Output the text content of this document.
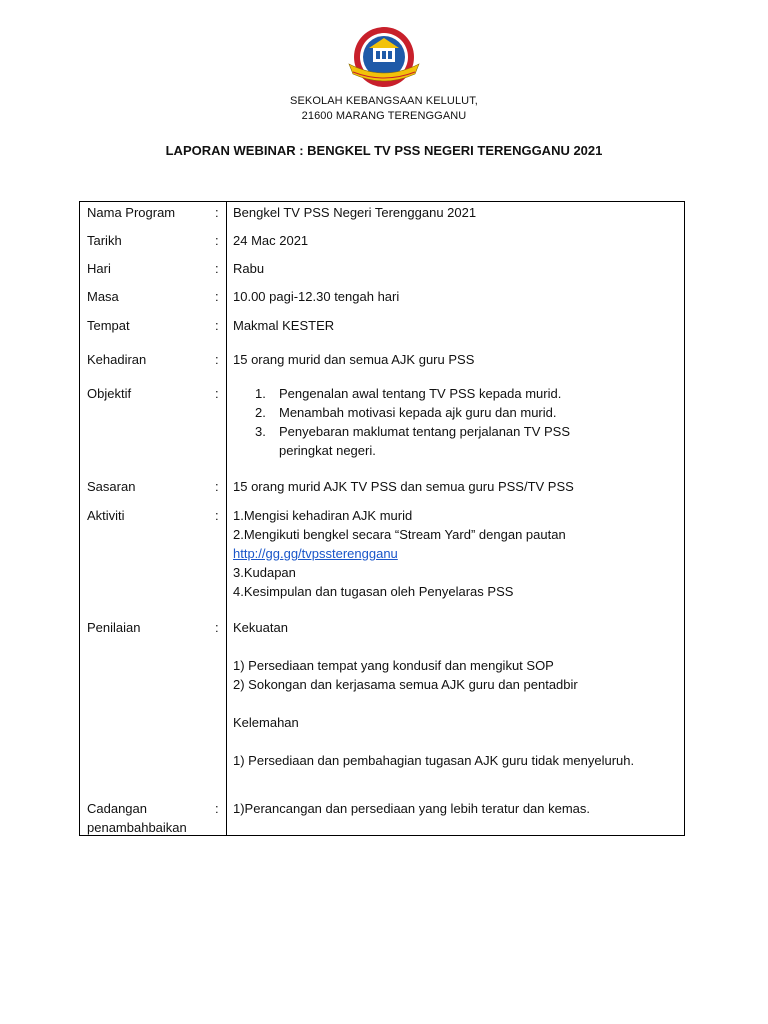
SEKOLAH KEBANGSAAN KELULUT,
21600 MARANG TERENGGANU
LAPORAN WEBINAR : BENGKEL TV PSS NEGERI TERENGGANU 2021
Nama Program	: Bengkel TV PSS Negeri Terengganu 2021
Tarikh	: 24 Mac 2021
Hari	: Rabu
Masa	: 10.00 pagi-12.30 tengah hari
Tempat	: Makmal KESTER
Kehadiran	: 15 orang murid dan semua AJK guru PSS
Objektif	:	1. Pengenalan awal tentang TV PSS kepada murid.
2. Menambah motivasi kepada ajk guru dan murid.
3. Penyebaran maklumat tentang perjalanan TV PSS peringkat negeri.
Sasaran	: 15 orang murid AJK TV PSS dan semua guru PSS/TV PSS
Aktiviti	: 1.Mengisi kehadiran AJK murid
2.Mengikuti bengkel secara “Stream Yard” dengan pautan
http://gg.gg/tvpssterengganu
3.Kudapan
4.Kesimpulan dan tugasan oleh Penyelaras PSS
Penilaian	: Kekuatan
1) Persediaan tempat yang kondusif dan mengikut SOP
2) Sokongan dan kerjasama semua AJK guru dan pentadbir
Kelemahan
1) Persediaan dan pembahagian tugasan AJK guru tidak menyeluruh.
Cadangan
penambahbaikan
: 1)Perancangan dan persediaan yang lebih teratur dan kemas.
